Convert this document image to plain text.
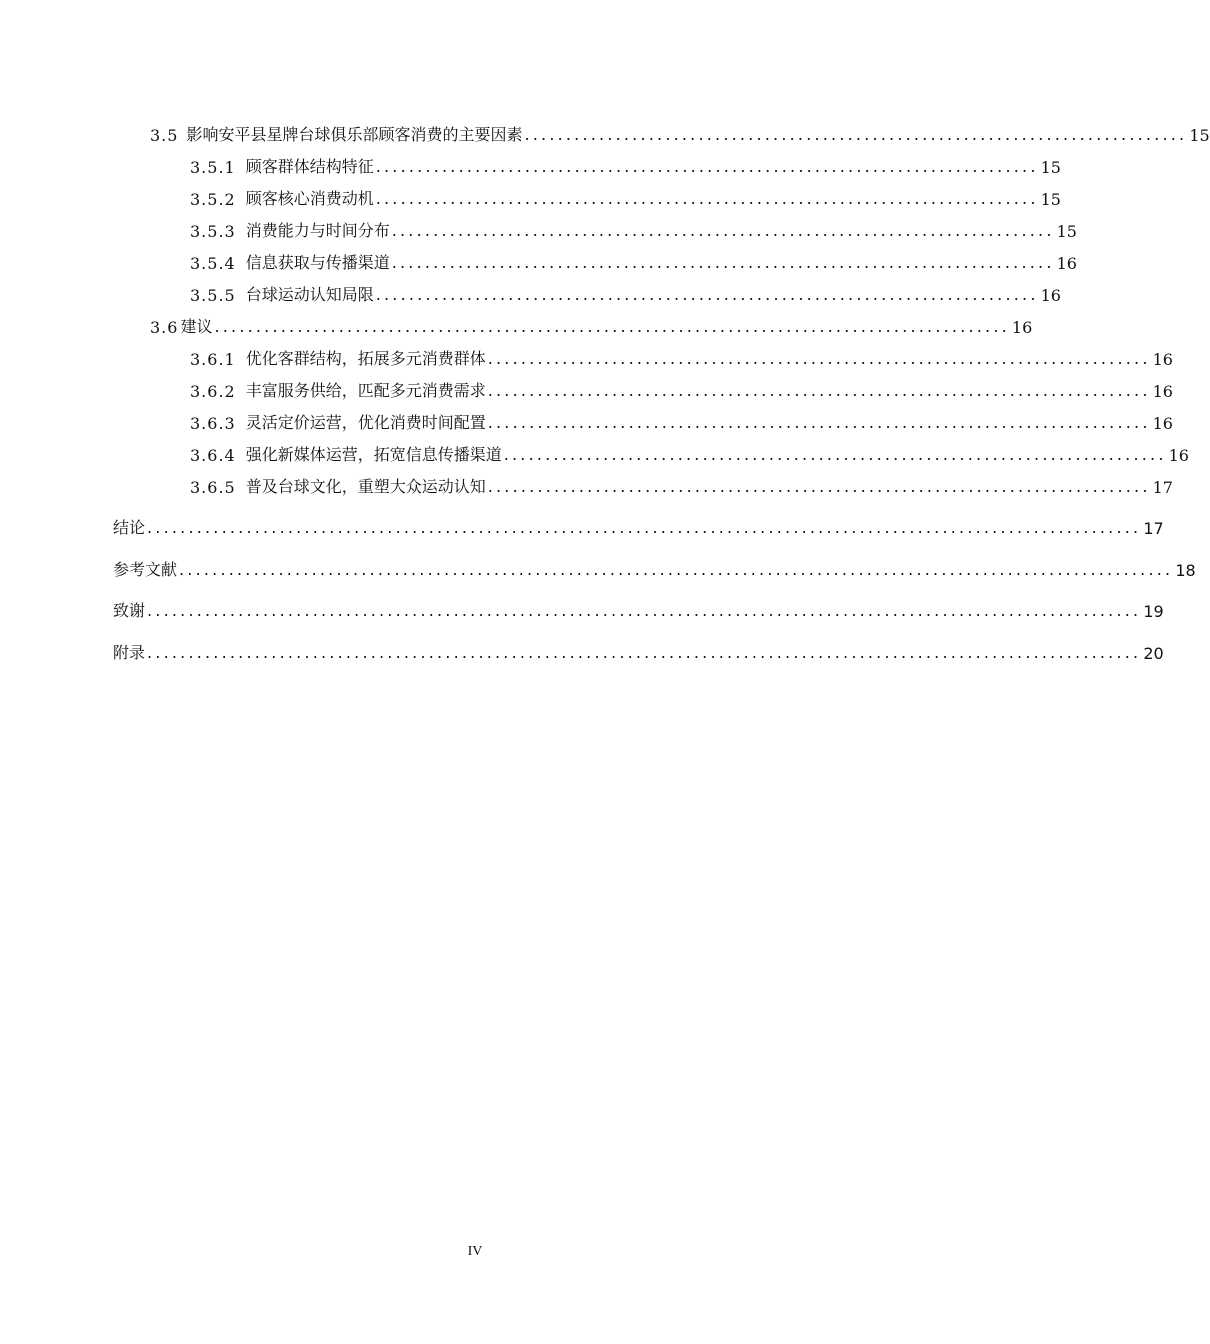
3.5 影响安平县星牌台球俱乐部顾客消费的主要因素 ................................................................................ 15
3.5.1 顾客群体结构特征 ................................................................................ 15
3.5.2 顾客核心消费动机 ................................................................................ 15
3.5.3 消费能力与时间分布 ................................................................................ 15
3.5.4 信息获取与传播渠道 ................................................................................ 16
3.5.5 台球运动认知局限 ................................................................................ 16
3.6 建议 ................................................................................................ 16
3.6.1 优化客群结构，拓展多元消费群体 ................................................................................ 16
3.6.2 丰富服务供给，匹配多元消费需求 ................................................................................ 16
3.6.3 灵活定价运营，优化消费时间配置 ................................................................................ 16
3.6.4 强化新媒体运营，拓宽信息传播渠道 ................................................................................ 16
3.6.5 普及台球文化，重塑大众运动认知 ................................................................................ 17
结论 ........................................................................................................................ 17
参考文献 ........................................................................................................................ 18
致谢 ........................................................................................................................ 19
附录 ........................................................................................................................ 20
IV
